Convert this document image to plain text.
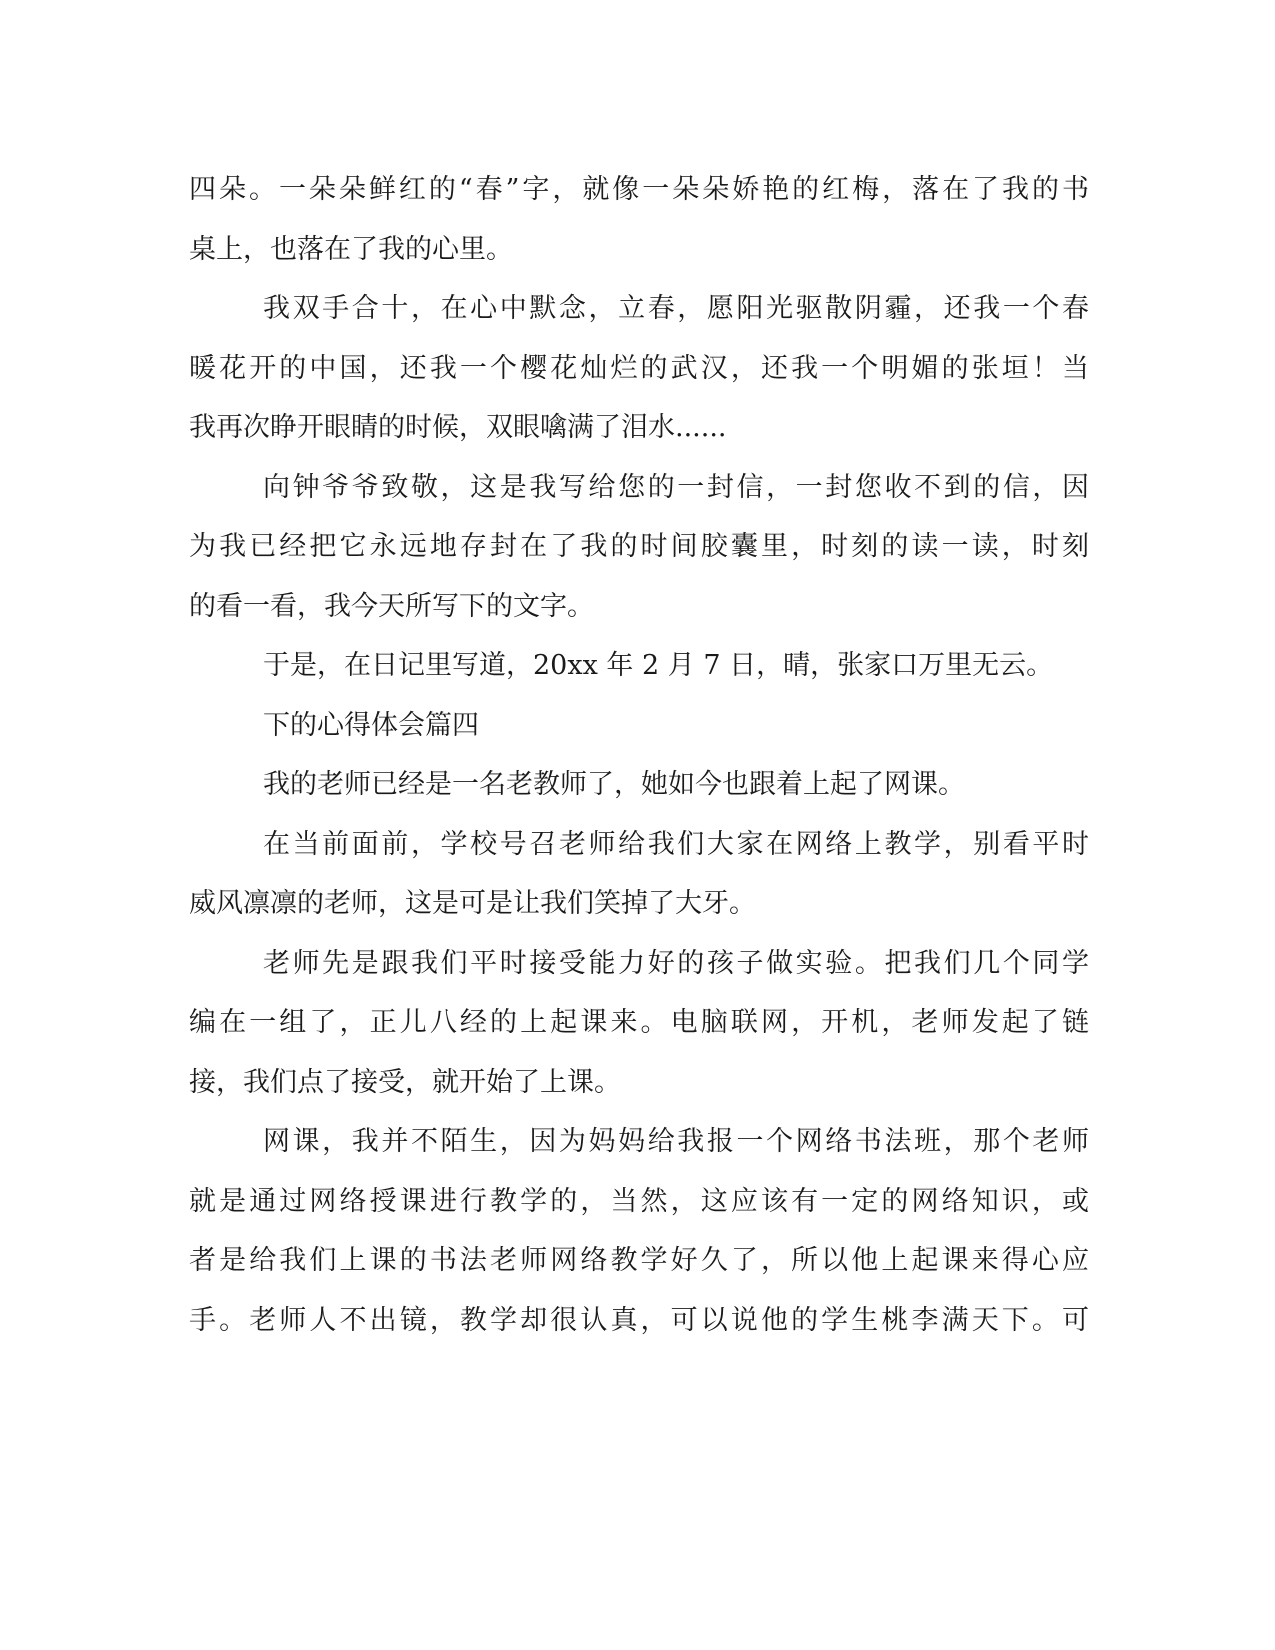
四朵。一朵朵鲜红的“春”字，就像一朵朵娇艳的红梅，落在了我的书
桌上，也落在了我的心里。
我双手合十，在心中默念，立春，愿阳光驱散阴霾，还我一个春
暖花开的中国，还我一个樱花灿烂的武汉，还我一个明媚的张垣！当
我再次睁开眼睛的时候，双眼噙满了泪水......
向钟爷爷致敬，这是我写给您的一封信，一封您收不到的信，因
为我已经把它永远地存封在了我的时间胶囊里，时刻的读一读，时刻
的看一看，我今天所写下的文字。
于是，在日记里写道，20xx 年 2 月 7 日，晴，张家口万里无云。
下的心得体会篇四
我的老师已经是一名老教师了，她如今也跟着上起了网课。
在当前面前，学校号召老师给我们大家在网络上教学，别看平时
威风凛凛的老师，这是可是让我们笑掉了大牙。
老师先是跟我们平时接受能力好的孩子做实验。把我们几个同学
编在一组了，正儿八经的上起课来。电脑联网，开机，老师发起了链
接，我们点了接受，就开始了上课。
网课，我并不陌生，因为妈妈给我报一个网络书法班，那个老师
就是通过网络授课进行教学的，当然，这应该有一定的网络知识，或
者是给我们上课的书法老师网络教学好久了，所以他上起课来得心应
手。老师人不出镜，教学却很认真，可以说他的学生桃李满天下。可
